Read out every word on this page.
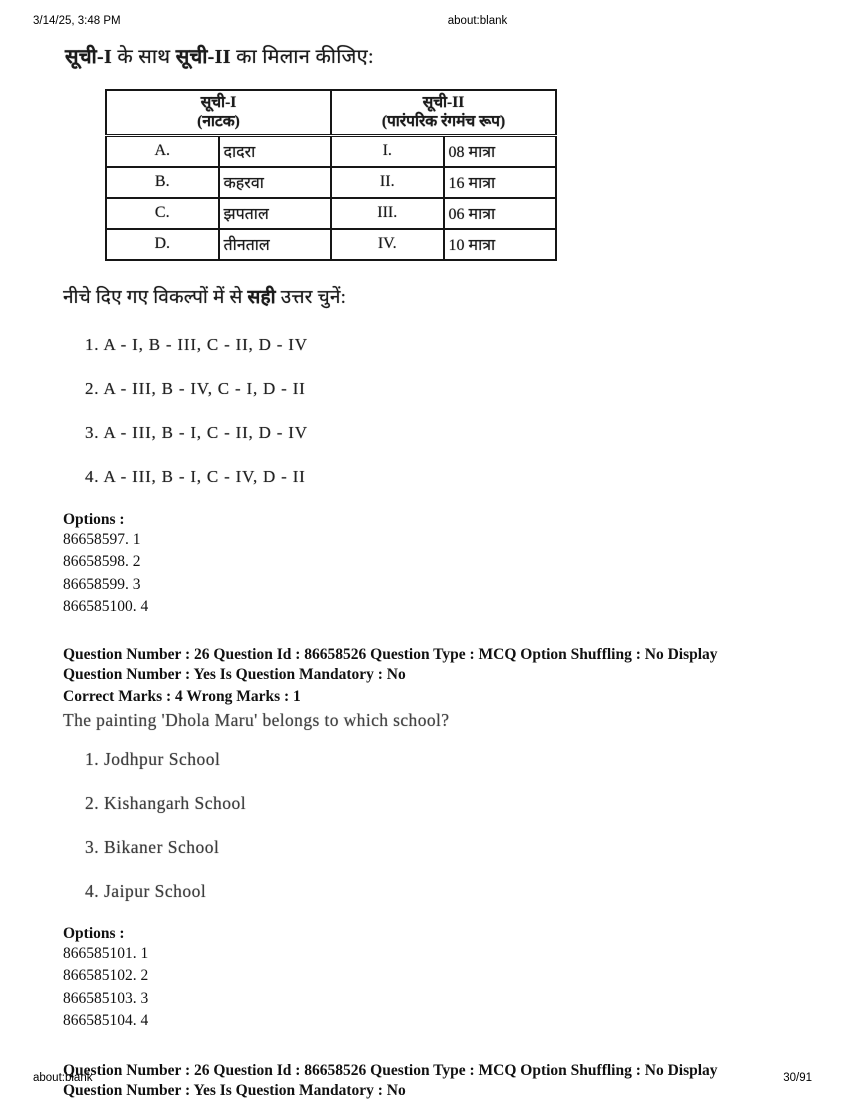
3/14/25, 3:48 PM	about:blank
सूची-I के साथ सूची-II का मिलान कीजिए:
सूची-I
(नाटक)

सूची-II
(पारंपरिक रंगमंच रूप)

A.	दादरा	I.	08 मात्रा
B.	कहरवा	II.	16 मात्रा
C.	झपताल	III.	06 मात्रा
D.	तीनताल	IV.	10 मात्रा
नीचे दिए गए विकल्पों में से सही उत्तर चुनें:
1. A - I, B - III, C - II, D - IV
2. A - III, B - IV, C - I, D - II
3. A - III, B - I, C - II, D - IV
4. A - III, B - I, C - IV, D - II
Options :
86658597. 1
86658598. 2
86658599. 3
866585100. 4
Question Number : 26 Question Id : 86658526 Question Type : MCQ Option Shuffling : No Display Question Number : Yes Is Question Mandatory : No
Correct Marks : 4 Wrong Marks : 1
The painting 'Dhola Maru' belongs to which school?
1. Jodhpur School
2. Kishangarh School
3. Bikaner School
4. Jaipur School
Options :
866585101. 1
866585102. 2
866585103. 3
866585104. 4
Question Number : 26 Question Id : 86658526 Question Type : MCQ Option Shuffling : No Display Question Number : Yes Is Question Mandatory : No
30/91
about:blank
